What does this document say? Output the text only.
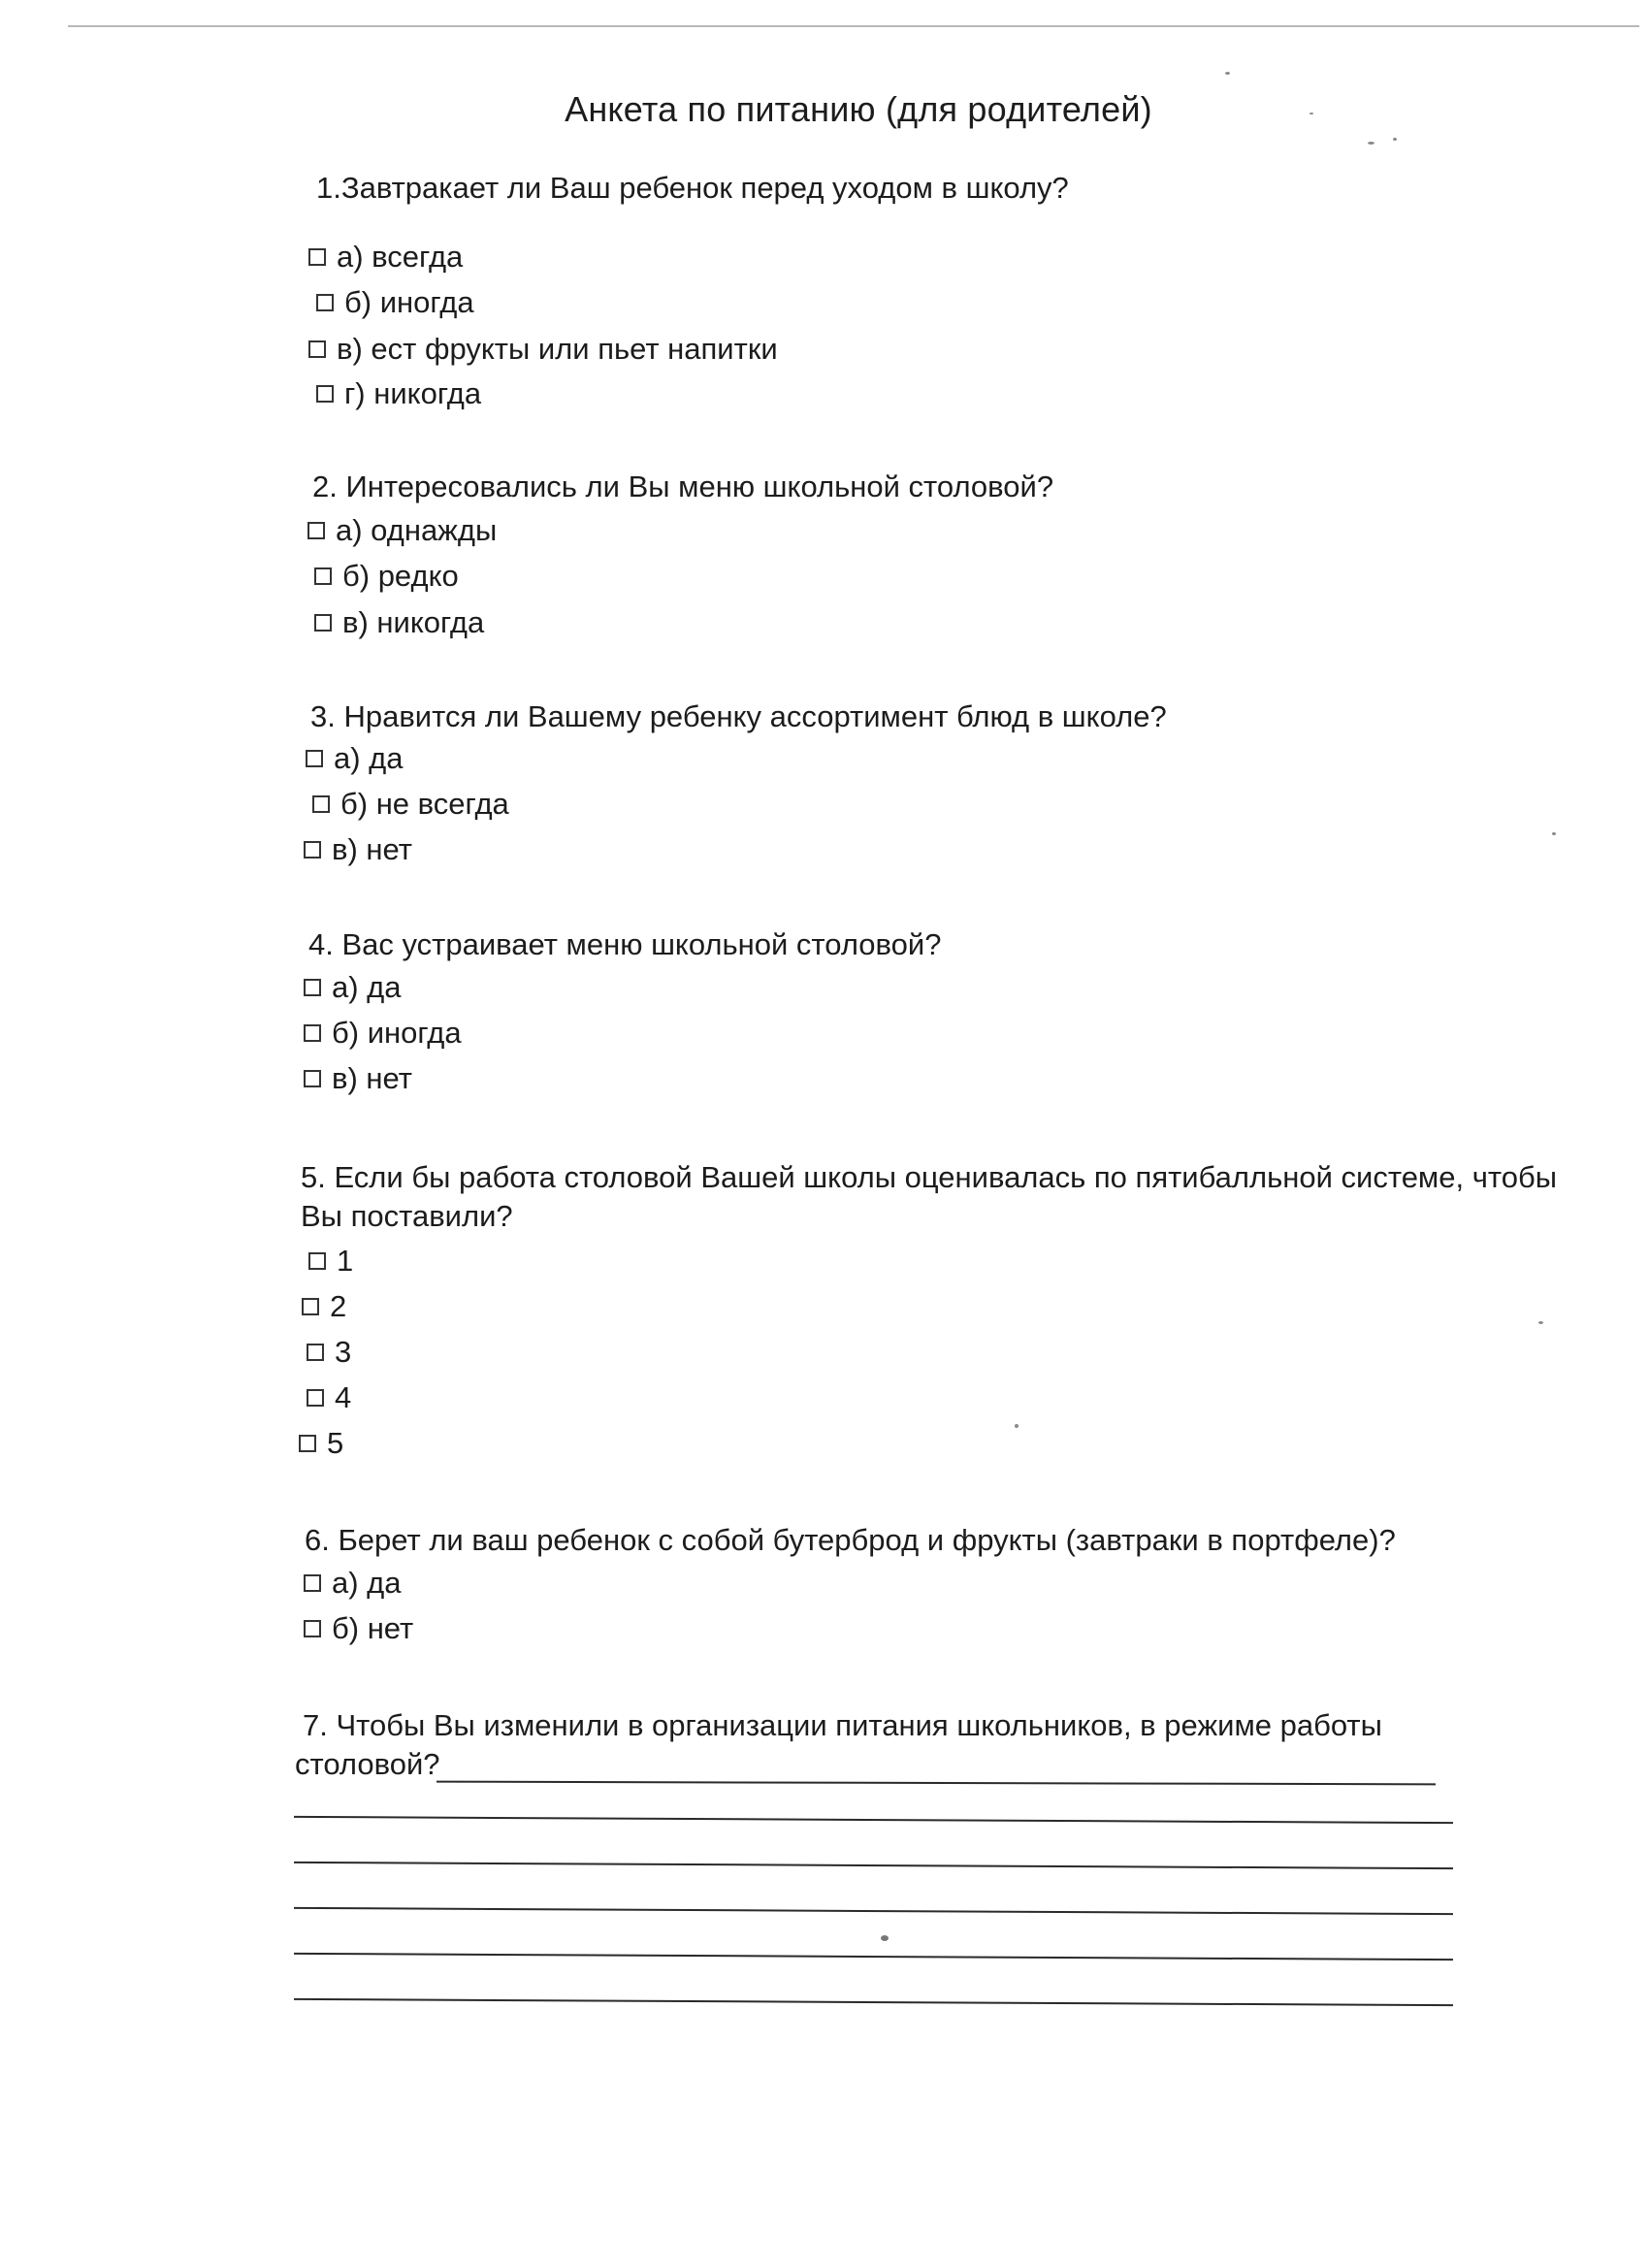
Анкета по питанию (для родителей)
1.Завтракает ли Ваш ребенок перед уходом в школу?
а) всегда
б) иногда
в) ест фрукты или пьет напитки
г) никогда
2. Интересовались ли Вы меню школьной столовой?
а) однажды
б) редко
в) никогда
3. Нравится ли Вашему ребенку ассортимент блюд в школе?
а) да
б) не всегда
в) нет
4. Вас устраивает меню школьной столовой?
а) да
б) иногда
в) нет
5. Если бы работа столовой Вашей школы оценивалась по пятибалльной системе, чтобы
Вы поставили?
1
2
3
4
5
6. Берет ли ваш ребенок с собой бутерброд и фрукты (завтраки в портфеле)?
а) да
б) нет
7. Чтобы Вы изменили в организации питания школьников, в режиме работы
столовой?
